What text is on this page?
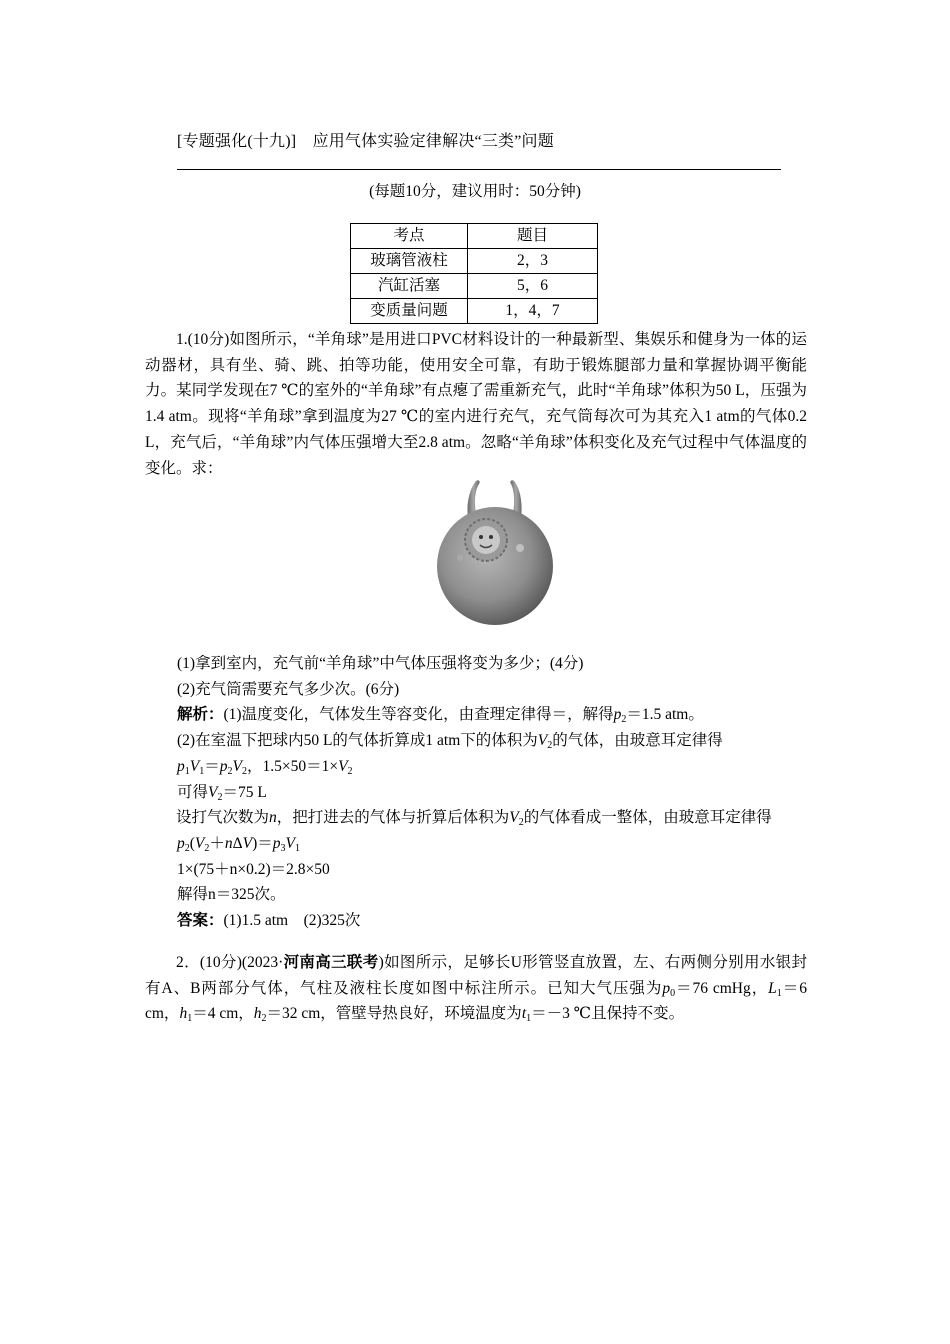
[专题强化(十九)]　应用气体实验定律解决“三类”问题
(每题10分，建议用时：50分钟)
考点	题目
玻璃管液柱	2，3
汽缸活塞	5，6
变质量问题	1，4，7

1.(10分)如图所示，“羊角球”是用进口PVC材料设计的一种最新型、集娱乐和健身为一体的运动器材，具有坐、骑、跳、拍等功能，使用安全可靠，有助于锻炼腿部力量和掌握协调平衡能力。某同学发现在7 ℃的室外的“羊角球”有点瘪了需重新充气，此时“羊角球”体积为50 L，压强为1.4 atm。现将“羊角球”拿到温度为27 ℃的室内进行充气，充气筒每次可为其充入1 atm的气体0.2 L，充气后，“羊角球”内气体压强增大至2.8 atm。忽略“羊角球”体积变化及充气过程中气体温度的变化。求：

(1)拿到室内，充气前“羊角球”中气体压强将变为多少；(4分)

(2)充气筒需要充气多少次。(6分)

解析：(1)温度变化，气体发生等容变化，由查理定律得＝，解得$p_2=1.5$ atm。

(2)在室温下把球内50 L的气体折算成1 atm下的体积为$V_2$的气体，由玻意耳定律得

$p_1V_1=p_2V_2$，$1.5\times 50=1\times V_2$

可得$V_2=75$ L

设打气次数为n，把打进去的气体与折算后体积为$V_2$的气体看成一整体，由玻意耳定律得

$p_2(V_2+n\Delta V)=p_3V_1$

1×(75＋n×0.2)＝2.8×50

解得n＝325次。

答案：(1)1.5 atm　(2)325次

2．(10分)(2023·河南高三联考)如图所示，足够长U形管竖直放置，左、右两侧分别用水银封有A、B两部分气体，气柱及液柱长度如图中标注所示。已知大气压强为$p_0=76$ cmHg，$L_1=6$ cm，$h_1=4$ cm，$h_2=32$ cm，管壁导热良好，环境温度为$t_1=-3$ ℃且保持不变。
